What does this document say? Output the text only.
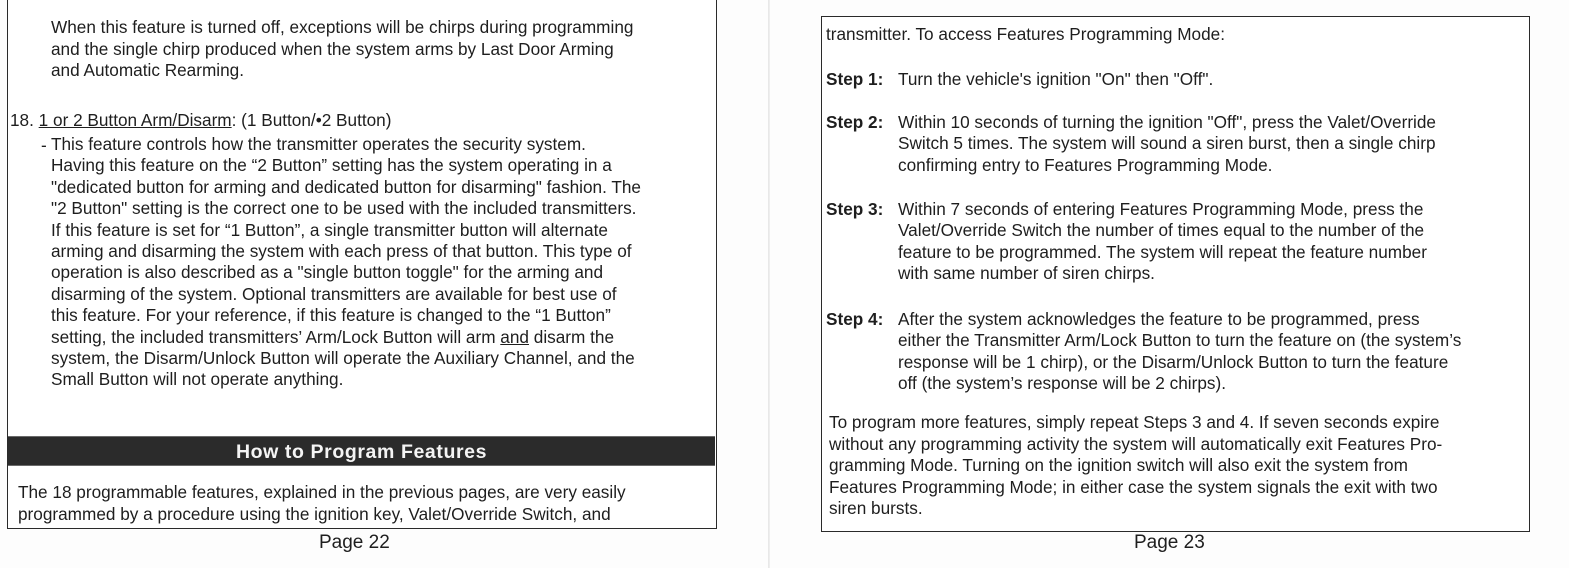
When this feature is turned off, exceptions will be chirps during programming
and the single chirp produced when the system arms by Last Door Arming
and Automatic Rearming.
18. 1 or 2 Button Arm/Disarm: (1 Button/•2 Button)
- This feature controls how the transmitter operates the security system.
Having this feature on the “2 Button” setting has the system operating in a
"dedicated button for arming and dedicated button for disarming" fashion. The
"2 Button" setting is the correct one to be used with the included transmitters.
If this feature is set for “1 Button”, a single transmitter button will alternate
arming and disarming the system with each press of that button. This type of
operation is also described as a "single button toggle" for the arming and
disarming of the system. Optional transmitters are available for best use of
this feature. For your reference, if this feature is changed to the “1 Button”
setting, the included transmitters’ Arm/Lock Button will arm and disarm the
system, the Disarm/Unlock Button will operate the Auxiliary Channel, and the
Small Button will not operate anything.
How to Program Features
The 18 programmable features, explained in the previous pages, are very easily
programmed by a procedure using the ignition key, Valet/Override Switch, and
Page 22
transmitter. To access Features Programming Mode:
Step 1: Turn the vehicle's ignition "On" then "Off".
Step 2: Within 10 seconds of turning the ignition "Off", press the Valet/Override
Switch 5 times. The system will sound a siren burst, then a single chirp
confirming entry to Features Programming Mode.
Step 3: Within 7 seconds of entering Features Programming Mode, press the
Valet/Override Switch the number of times equal to the number of the
feature to be programmed. The system will repeat the feature number
with same number of siren chirps.
Step 4: After the system acknowledges the feature to be programmed, press
either the Transmitter Arm/Lock Button to turn the feature on (the system’s
response will be 1 chirp), or the Disarm/Unlock Button to turn the feature
off (the system’s response will be 2 chirps).
To program more features, simply repeat Steps 3 and 4. If seven seconds expire
without any programming activity the system will automatically exit Features Pro-
gramming Mode. Turning on the ignition switch will also exit the system from
Features Programming Mode; in either case the system signals the exit with two
siren bursts.
Page 23
